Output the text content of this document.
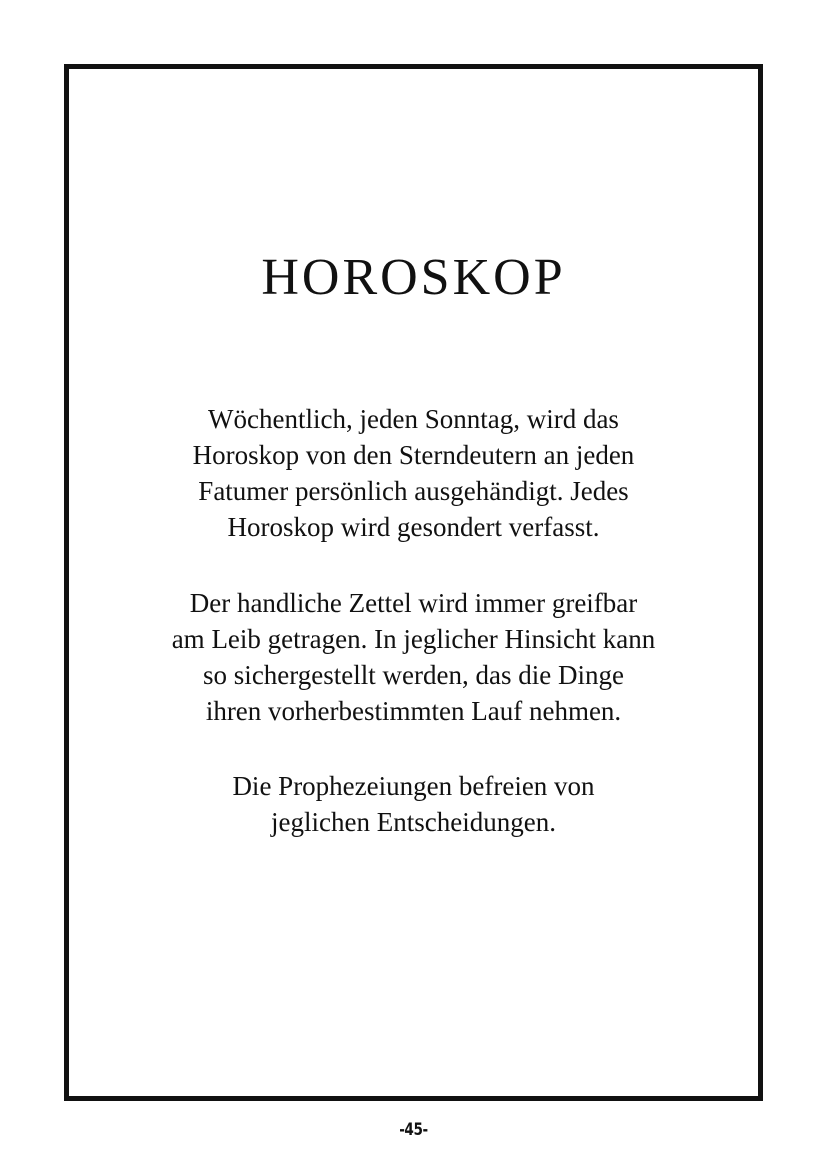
HOROSKOP

Wöchentlich, jeden Sonntag, wird das
Horoskop von den Sterndeutern an jeden
Fatumer persönlich ausgehändigt. Jedes
Horoskop wird gesondert verfasst.

Der handliche Zettel wird immer greifbar
am Leib getragen. In jeglicher Hinsicht kann
so sichergestellt werden, das die Dinge
ihren vorherbestimmten Lauf nehmen.

Die Prophezeiungen befreien von
jeglichen Entscheidungen.

-45-
